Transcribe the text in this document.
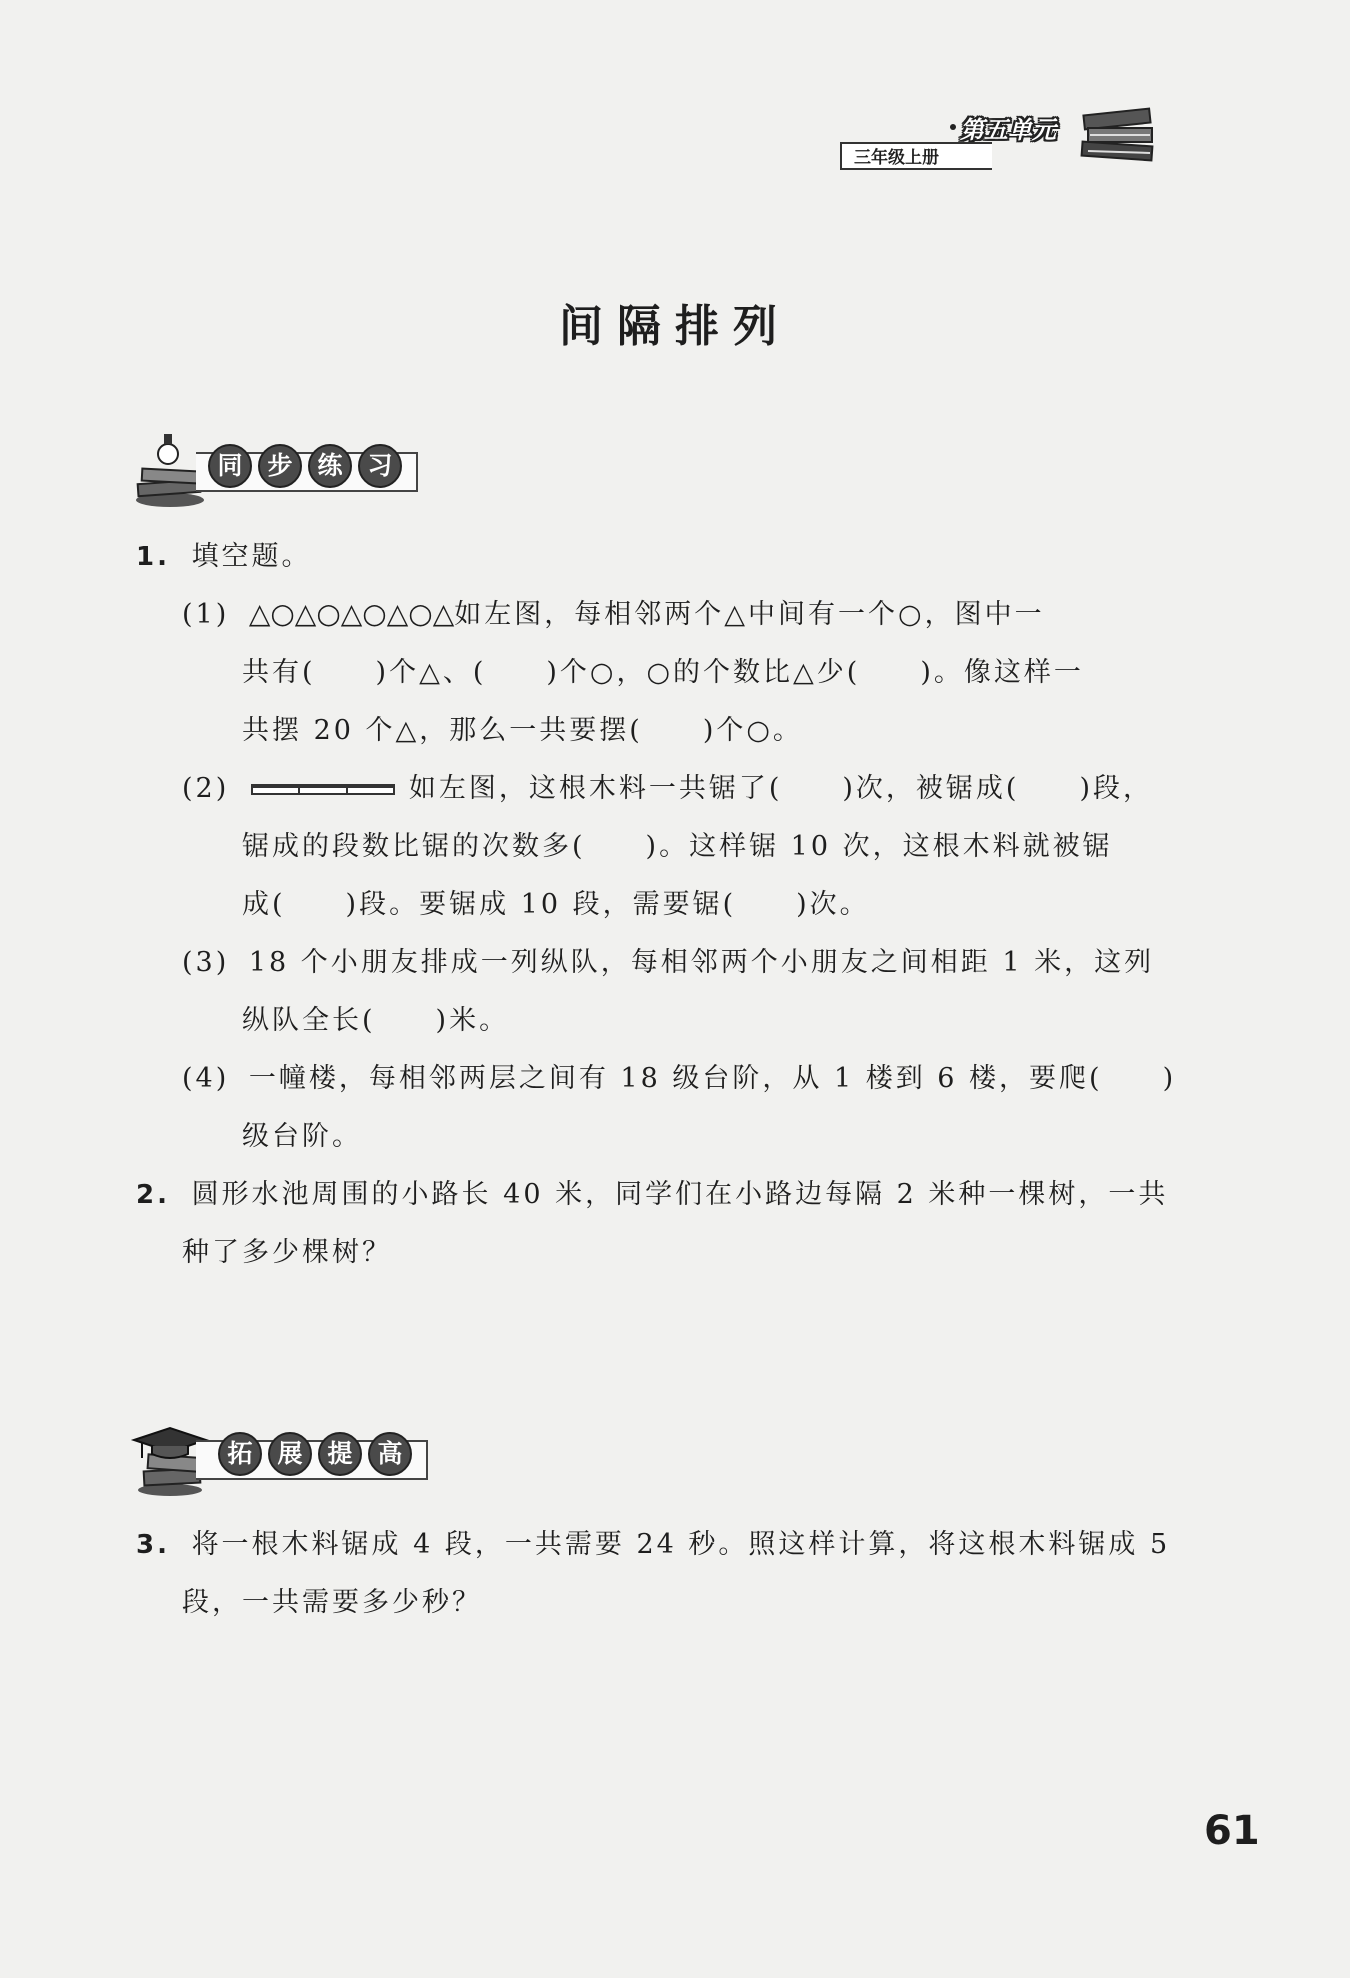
三年级上册
第五单元
间隔排列
同 步 练 习
1. 填空题。
(1) △○△○△○△○△如左图，每相邻两个△中间有一个○，图中一
共有(　　)个△、(　　)个○，○的个数比△少(　　)。像这样一
共摆 20 个△，那么一共要摆(　　)个○。
(2)	如左图，这根木料一共锯了(　　)次，被锯成(　　)段，
锯成的段数比锯的次数多(　　)。这样锯 10 次，这根木料就被锯
成(　　)段。要锯成 10 段，需要锯(　　)次。
(3) 18 个小朋友排成一列纵队，每相邻两个小朋友之间相距 1 米，这列
纵队全长(　　)米。
(4) 一幢楼，每相邻两层之间有 18 级台阶，从 1 楼到 6 楼，要爬(　　)
级台阶。
2. 圆形水池周围的小路长 40 米，同学们在小路边每隔 2 米种一棵树，一共
种了多少棵树？
拓 展 提 高
3. 将一根木料锯成 4 段，一共需要 24 秒。照这样计算，将这根木料锯成 5
段，一共需要多少秒？
61
